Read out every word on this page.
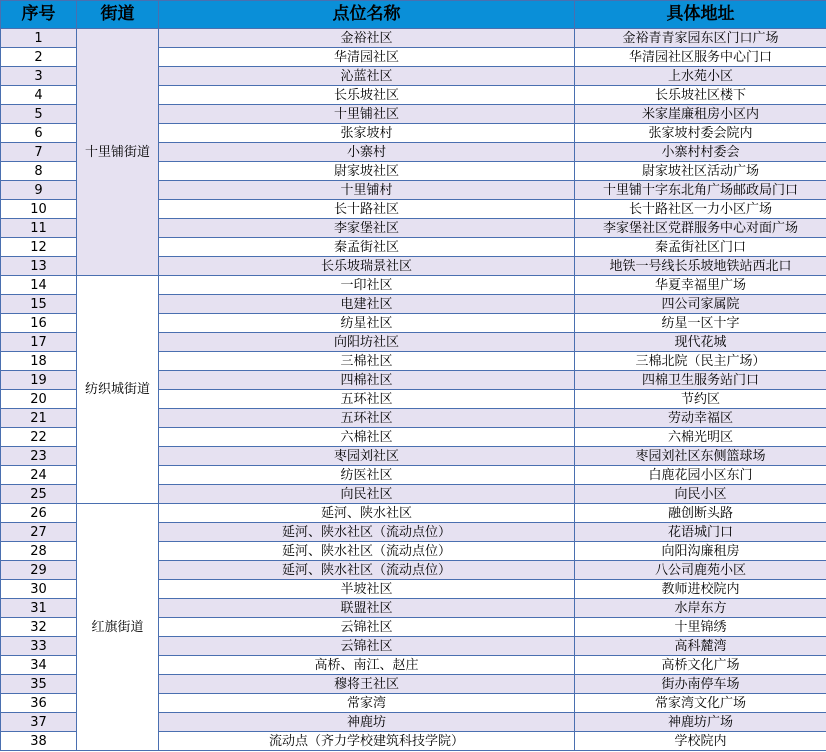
序号	街道	点位名称	具体地址
1	十里铺街道	金裕社区	金裕青青家园东区门口广场
2		华清园社区	华清园社区服务中心门口
3		沁蓝社区	上水苑小区
4		长乐坡社区	长乐坡社区楼下
5		十里铺社区	米家崖廉租房小区内
6		张家坡村	张家坡村委会院内
7		小寨村	小寨村村委会
8		尉家坡社区	尉家坡社区活动广场
9		十里铺村	十里铺十字东北角广场邮政局门口
10		长十路社区	长十路社区一力小区广场
11		李家堡社区	李家堡社区党群服务中心对面广场
12		秦孟街社区	秦孟街社区门口
13		长乐坡瑞景社区	地铁一号线长乐坡地铁站西北口
14	纺织城街道	一印社区	华夏幸福里广场
15		电建社区	四公司家属院
16		纺星社区	纺星一区十字
17		向阳坊社区	现代花城
18		三棉社区	三棉北院（民主广场）
19		四棉社区	四棉卫生服务站门口
20		五环社区	节约区
21		五环社区	劳动幸福区
22		六棉社区	六棉光明区
23		枣园刘社区	枣园刘社区东侧篮球场
24		纺医社区	白鹿花园小区东门
25		向民社区	向民小区
26	红旗街道	延河、陕水社区	融创断头路
27		延河、陕水社区（流动点位）	花语城门口
28		延河、陕水社区（流动点位）	向阳沟廉租房
29		延河、陕水社区（流动点位）	八公司鹿苑小区
30		半坡社区	教师进校院内
31		联盟社区	水岸东方
32		云锦社区	十里锦绣
33		云锦社区	高科麓湾
34		高桥、南江、赵庄	高桥文化广场
35		穆将王社区	街办南停车场
36		常家湾	常家湾文化广场
37		神鹿坊	神鹿坊广场
38		流动点（齐力学校建筑科技学院）	学校院内
